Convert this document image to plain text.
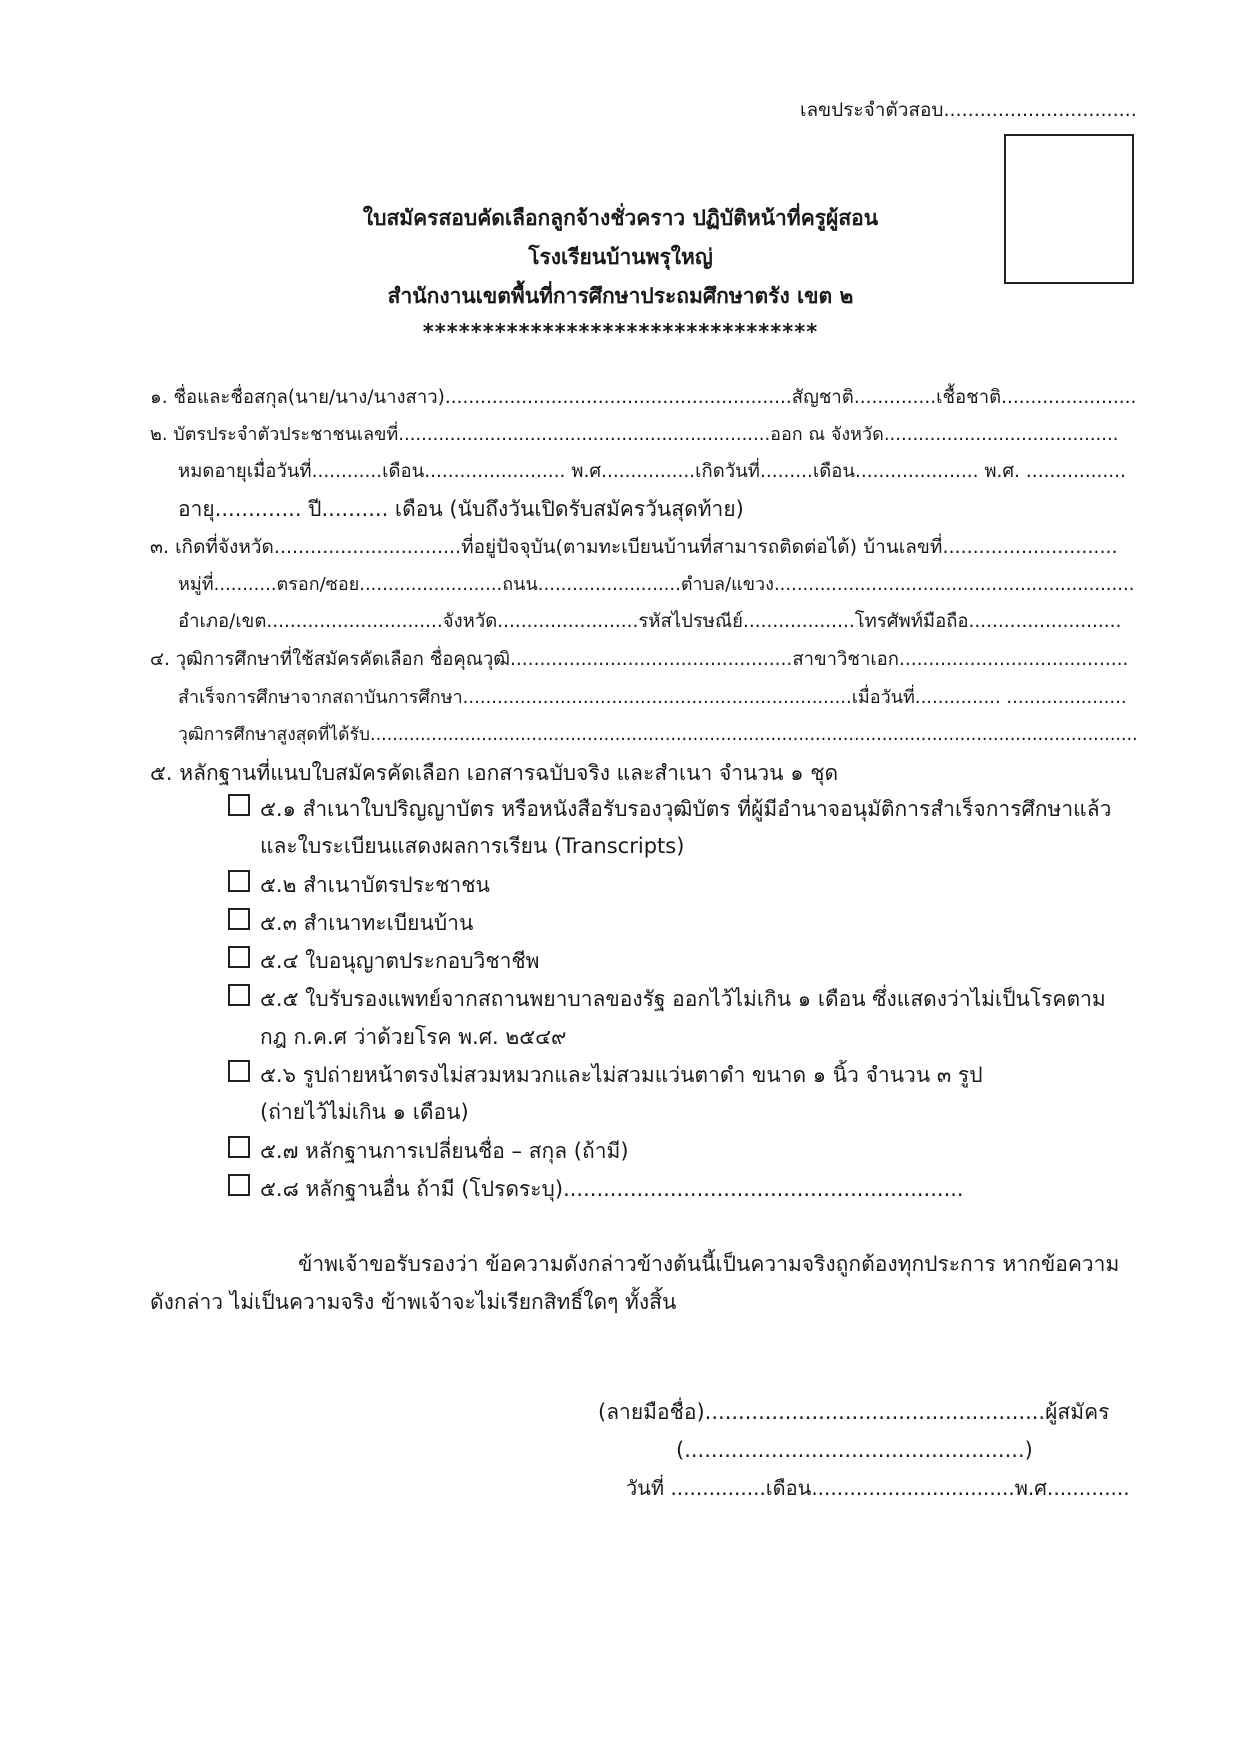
เลขประจำตัวสอบ................................
ใบสมัครสอบคัดเลือกลูกจ้างชั่วคราว ปฏิบัติหน้าที่ครูผู้สอน
โรงเรียนบ้านพรุใหญ่
สำนักงานเขตพื้นที่การศึกษาประถมศึกษาตรัง เขต ๒
*********************************
๑. ชื่อและชื่อสกุล(นาย/นาง/นางสาว)...........................................................สัญชาติ..............เชื้อชาติ.......................
๒. บัตรประจำตัวประชาชนเลขที่.................................................................ออก ณ จังหวัด.........................................
หมดอายุเมื่อวันที่............เดือน........................ พ.ศ................เกิดวันที่.........เดือน..................... พ.ศ. .................
อายุ............. ปี.......... เดือน (นับถึงวันเปิดรับสมัครวันสุดท้าย)
๓. เกิดที่จังหวัด...............................ที่อยู่ปัจจุบัน(ตามทะเบียนบ้านที่สามารถติดต่อได้) บ้านเลขที่.............................
หมู่ที่...........ตรอก/ซอย.........................ถนน.........................ตำบล/แขวง...............................................................
อำเภอ/เขต..............................จังหวัด........................รหัสไปรษณีย์...................โทรศัพท์มือถือ..........................
๔. วุฒิการศึกษาที่ใช้สมัครคัดเลือก ชื่อคุณวุฒิ................................................สาขาวิชาเอก.......................................
สำเร็จการศึกษาจากสถาบันการศึกษา....................................................................เมื่อวันที่............... .....................
วุฒิการศึกษาสูงสุดที่ได้รับ..........................................................................................................................................
๕. หลักฐานที่แนบใบสมัครคัดเลือก เอกสารฉบับจริง และสำเนา จำนวน ๑ ชุด
๕.๑ สำเนาใบปริญญาบัตร หรือหนังสือรับรองวุฒิบัตร ที่ผู้มีอำนาจอนุมัติการสำเร็จการศึกษาแล้ว
และใบระเบียนแสดงผลการเรียน (Transcripts)
๕.๒ สำเนาบัตรประชาชน
๕.๓ สำเนาทะเบียนบ้าน
๕.๔ ใบอนุญาตประกอบวิชาชีพ
๕.๕ ใบรับรองแพทย์จากสถานพยาบาลของรัฐ ออกไว้ไม่เกิน ๑ เดือน ซึ่งแสดงว่าไม่เป็นโรคตาม
กฎ ก.ค.ศ ว่าด้วยโรค พ.ศ. ๒๕๔๙
๕.๖ รูปถ่ายหน้าตรงไม่สวมหมวกและไม่สวมแว่นตาดำ ขนาด ๑ นิ้ว จำนวน ๓ รูป
(ถ่ายไว้ไม่เกิน ๑ เดือน)
๕.๗ หลักฐานการเปลี่ยนชื่อ – สกุล (ถ้ามี)
๕.๘ หลักฐานอื่น ถ้ามี (โปรดระบุ)............................................................
ข้าพเจ้าขอรับรองว่า ข้อความดังกล่าวข้างต้นนี้เป็นความจริงถูกต้องทุกประการ หากข้อความ
ดังกล่าว ไม่เป็นความจริง ข้าพเจ้าจะไม่เรียกสิทธิ์ใดๆ ทั้งสิ้น
(ลายมือชื่อ)...................................................ผู้สมัคร
(...................................................)
วันที่ ...............เดือน................................พ.ศ.............
